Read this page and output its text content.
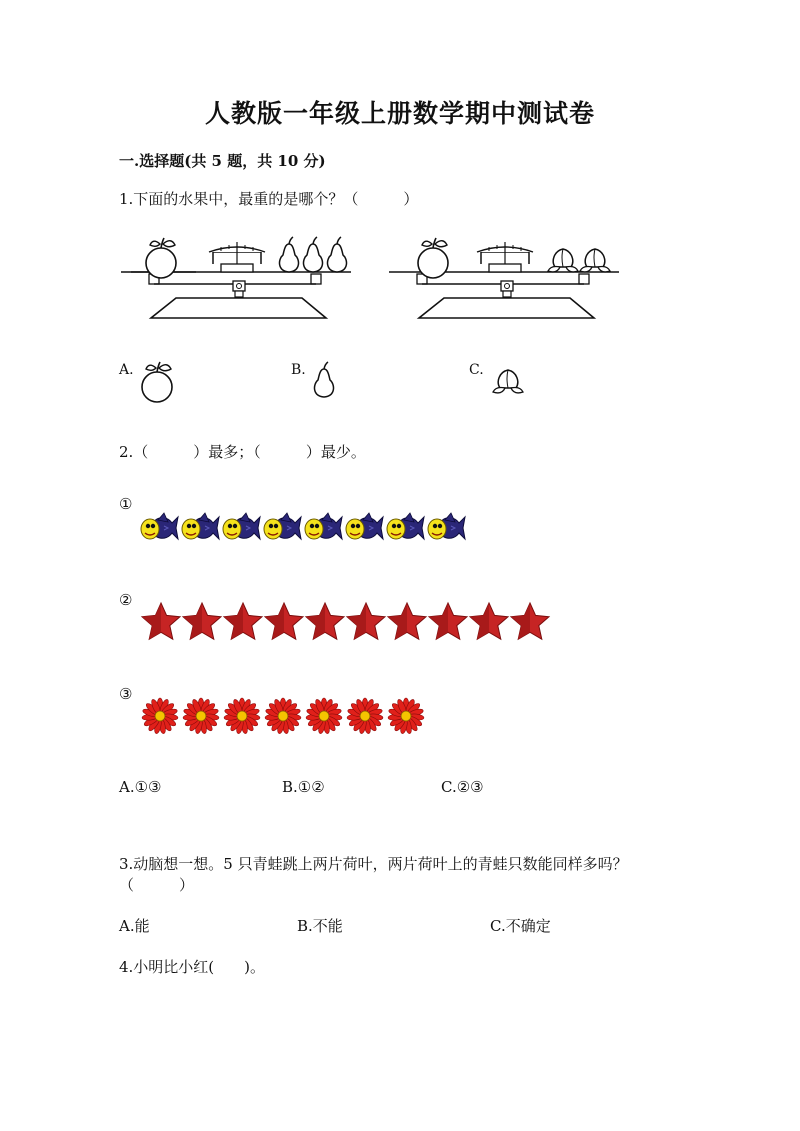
人教版一年级上册数学期中测试卷
一.选择题(共 5 题，共 10 分)
1.下面的水果中，最重的是哪个？（　　　）
A.	B.	C.
2.（　　　）最多；（　　　）最少。
①
②
③
A.①③	B.①②	C.②③
3.动脑想一想。5 只青蛙跳上两片荷叶，两片荷叶上的青蛙只数能同样多吗？
（　　　）
A.能	B.不能	C.不确定
4.小明比小红(　　)。
